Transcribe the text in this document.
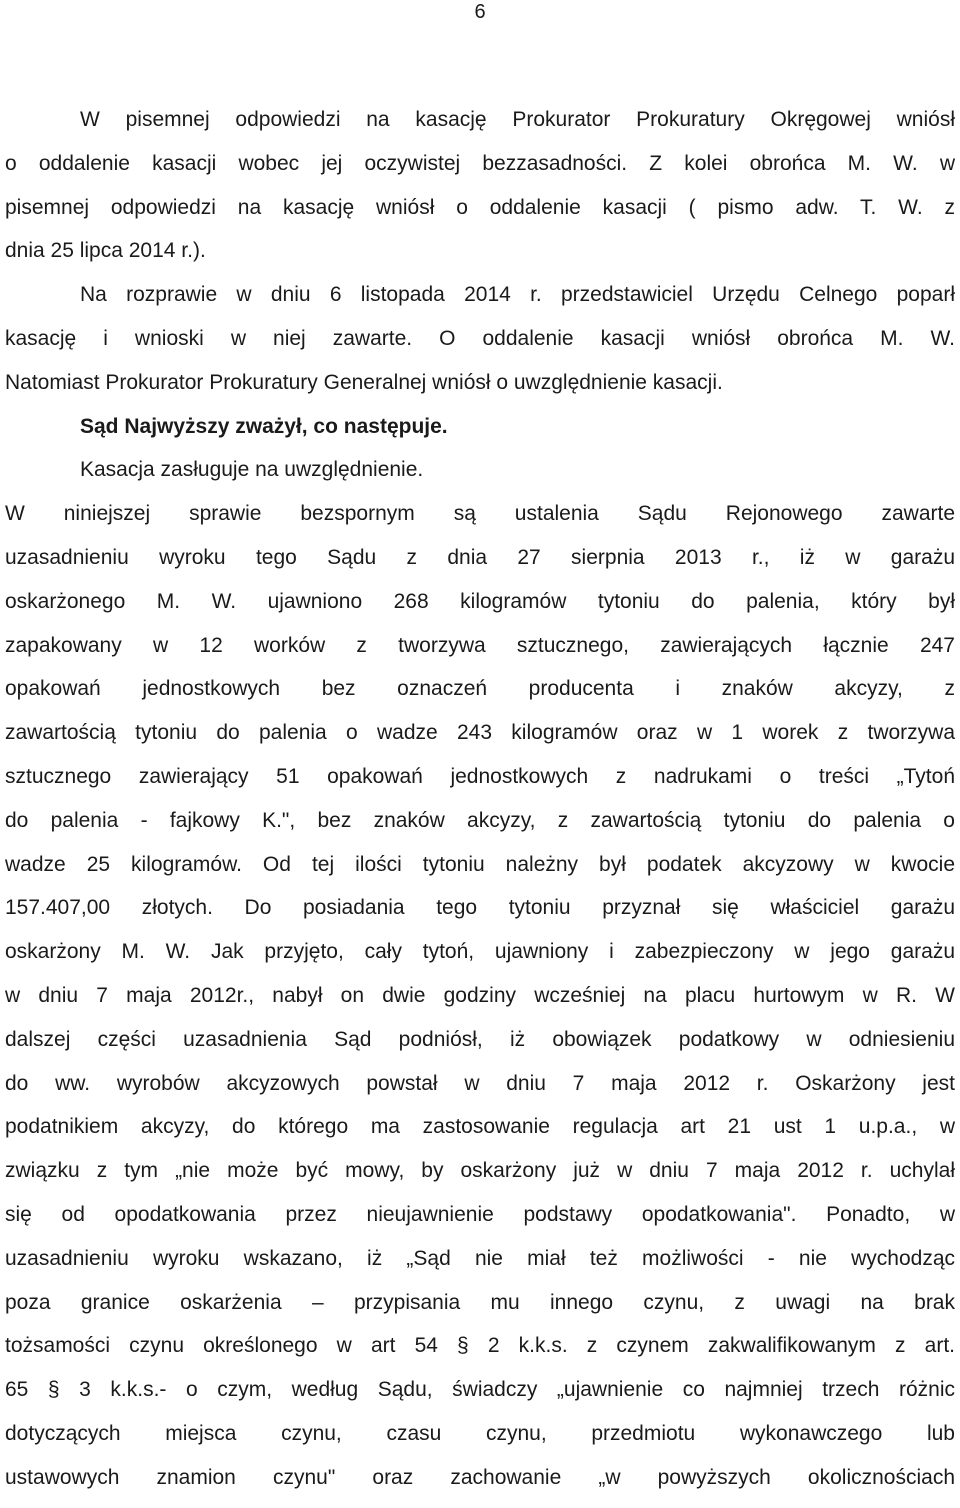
6

W pisemnej odpowiedzi na kasację Prokurator Prokuratury Okręgowej wniósł

o oddalenie kasacji wobec jej oczywistej bezzasadności. Z kolei obrońca M. W. w

pisemnej odpowiedzi na kasację wniósł o oddalenie kasacji ( pismo adw. T. W. z

dnia 25 lipca 2014 r.).

Na rozprawie w dniu 6 listopada 2014 r. przedstawiciel Urzędu Celnego poparł

kasację i wnioski w niej zawarte. O oddalenie kasacji wniósł obrońca M. W.

Natomiast Prokurator Prokuratury Generalnej wniósł o uwzględnienie kasacji.

Sąd Najwyższy zważył, co następuje.

Kasacja zasługuje na uwzględnienie.

W niniejszej sprawie bezspornym są ustalenia Sądu Rejonowego zawarte

uzasadnieniu wyroku tego Sądu z dnia 27 sierpnia 2013 r., iż w garażu

oskarżonego M. W. ujawniono 268 kilogramów tytoniu do palenia, który był

zapakowany w 12 worków z tworzywa sztucznego, zawierających łącznie 247

opakowań jednostkowych bez oznaczeń producenta i znaków akcyzy, z

zawartością tytoniu do palenia o wadze 243 kilogramów oraz w 1 worek z tworzywa

sztucznego zawierający 51 opakowań jednostkowych z nadrukami o treści „Tytoń

do palenia - fajkowy K.", bez znaków akcyzy, z zawartością tytoniu do palenia o

wadze 25 kilogramów. Od tej ilości tytoniu należny był podatek akcyzowy w kwocie

157.407,00 złotych. Do posiadania tego tytoniu przyznał się właściciel garażu

oskarżony M. W. Jak przyjęto, cały tytoń, ujawniony i zabezpieczony w jego garażu

w dniu 7 maja 2012r., nabył on dwie godziny wcześniej na placu hurtowym w R. W

dalszej części uzasadnienia Sąd podniósł, iż obowiązek podatkowy w odniesieniu

do ww. wyrobów akcyzowych powstał w dniu 7 maja 2012 r. Oskarżony jest

podatnikiem akcyzy, do którego ma zastosowanie regulacja art 21 ust 1 u.p.a., w

związku z tym „nie może być mowy, by oskarżony już w dniu 7 maja 2012 r. uchylał

się od opodatkowania przez nieujawnienie podstawy opodatkowania". Ponadto, w

uzasadnieniu wyroku wskazano, iż „Sąd nie miał też możliwości - nie wychodząc

poza granice oskarżenia – przypisania mu innego czynu, z uwagi na brak

tożsamości czynu określonego w art 54 § 2 k.k.s. z czynem zakwalifikowanym z art.

65 § 3 k.k.s.- o czym, według Sądu, świadczy „ujawnienie co najmniej trzech różnic

dotyczących miejsca czynu, czasu czynu, przedmiotu wykonawczego lub

ustawowych znamion czynu" oraz zachowanie „w powyższych okolicznościach
